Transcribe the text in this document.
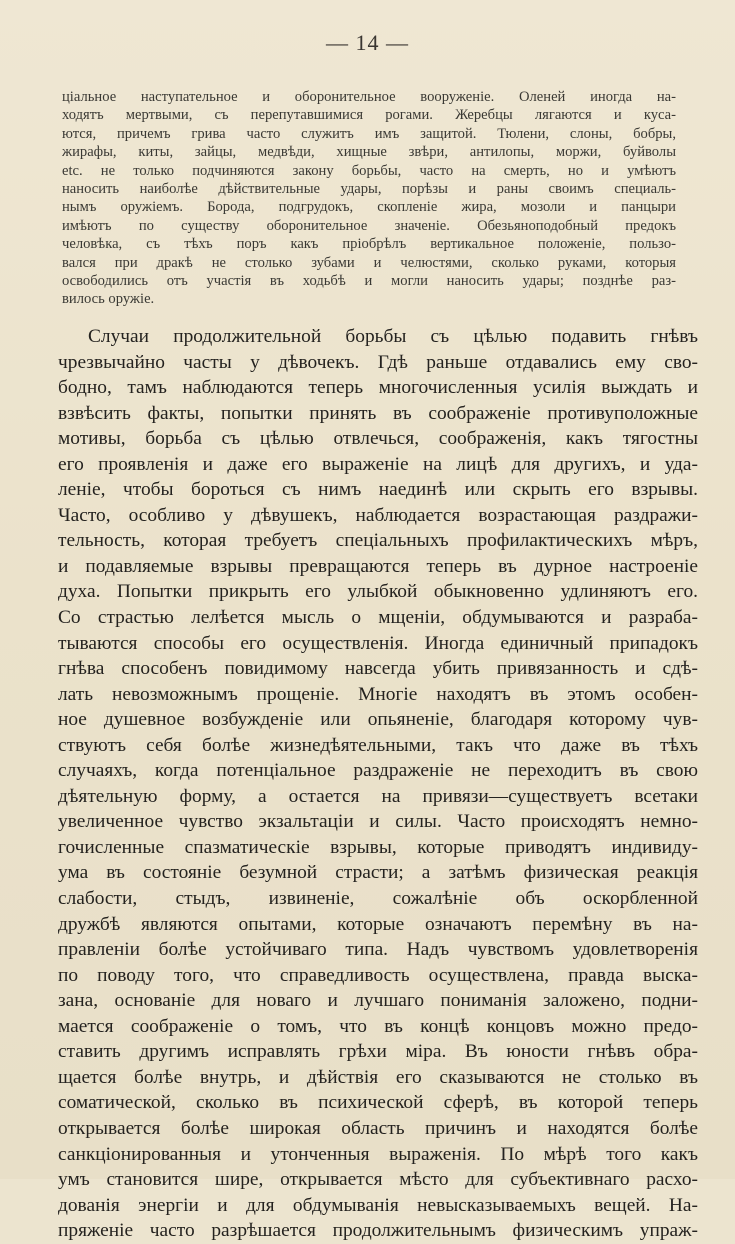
— 14 —
ціальное наступательное и оборонительное вооруженіе. Оленей иногда на-
ходятъ мертвыми, съ перепутавшимися рогами. Жеребцы лягаются и куса-
ются, причемъ грива часто служитъ имъ защитой. Тюлени, слоны, бобры,
жирафы, киты, зайцы, медвѣди, хищные звѣри, антилопы, моржи, буйволы
etc. не только подчиняются закону борьбы, часто на смерть, но и умѣютъ
наносить наиболѣе дѣйствительные удары, порѣзы и раны своимъ специаль-
нымъ оружіемъ. Борода, подгрудокъ, скопленіе жира, мозоли и панцыри
имѣютъ по существу оборонительное значеніе. Обезьяноподобный предокъ
человѣка, съ тѣхъ поръ какъ пріобрѣлъ вертикальное положеніе, пользо-
вался при дракѣ не столько зубами и челюстями, сколько руками, которыя
освободились отъ участія въ ходьбѣ и могли наносить удары; позднѣе раз-
вилось оружіе.
Случаи продолжительной борьбы съ цѣлью подавить гнѣвъ
чрезвычайно часты у дѣвочекъ. Гдѣ раньше отдавались ему сво-
бодно, тамъ наблюдаются теперь многочисленныя усилія выждать и
взвѣсить факты, попытки принять въ соображеніе противуположные
мотивы, борьба съ цѣлью отвлечься, соображенія, какъ тягостны
его проявленія и даже его выраженіе на лицѣ для другихъ, и уда-
леніе, чтобы бороться съ нимъ наединѣ или скрыть его взрывы.
Часто, особливо у дѣвушекъ, наблюдается возрастающая раздражи-
тельность, которая требуетъ спеціальныхъ профилактическихъ мѣръ,
и подавляемые взрывы превращаются теперь въ дурное настроеніе
духа. Попытки прикрыть его улыбкой обыкновенно удлиняютъ его.
Со страстью лелѣется мысль о мщеніи, обдумываются и разраба-
тываются способы его осуществленія. Иногда единичный припадокъ
гнѣва способенъ повидимому навсегда убить привязанность и сдѣ-
лать невозможнымъ прощеніе. Многіе находятъ въ этомъ особен-
ное душевное возбужденіе или опьяненіе, благодаря которому чув-
ствуютъ себя болѣе жизнедѣятельными, такъ что даже въ тѣхъ
случаяхъ, когда потенціальное раздраженіе не переходитъ въ свою
дѣятельную форму, а остается на привязи—существуетъ всетаки
увеличенное чувство экзальтаціи и силы. Часто происходятъ немно-
гочисленные спазматическіе взрывы, которые приводятъ индивиду-
ума въ состояніе безумной страсти; а затѣмъ физическая реакція
слабости, стыдъ, извиненіе, сожалѣніе объ оскорбленной
дружбѣ являются опытами, которые означаютъ перемѣну въ на-
правленіи болѣе устойчиваго типа. Надъ чувствомъ удовлетворенія
по поводу того, что справедливость осуществлена, правда выска-
зана, основаніе для новаго и лучшаго пониманія заложено, подни-
мается соображеніе о томъ, что въ концѣ концовъ можно предо-
ставить другимъ исправлять грѣхи міра. Въ юности гнѣвъ обра-
щается болѣе внутрь, и дѣйствія его сказываются не столько въ
соматической, сколько въ психической сферѣ, въ которой теперь
открывается болѣе широкая область причинъ и находятся болѣе
санкціонированныя и утонченныя выраженія. По мѣрѣ того какъ
умъ становится шире, открывается мѣсто для субъективнаго расхо-
дованія энергіи и для обдумыванія невысказываемыхъ вещей. На-
пряженіе часто разрѣшается продолжительнымъ физическимъ упраж-
